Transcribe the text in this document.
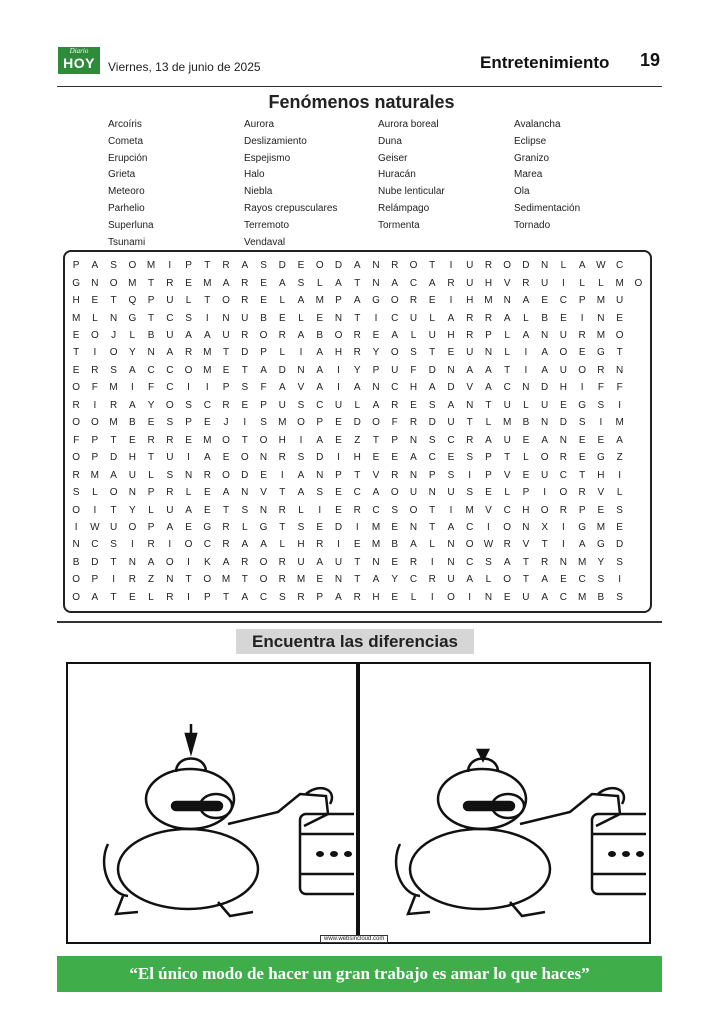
Diario
HOY	Viernes, 13 de junio de 2025	Entretenimiento 19
Fenómenos naturales
Arcoíris
Cometa
Erupción
Grieta
Meteoro
Parhelio
Superluna
Tsunami
Aurora
Deslizamiento
Espejismo
Halo
Niebla
Rayos crepusculares
Terremoto
Vendaval
Aurora boreal
Duna
Geiser
Huracán
Nube lenticular
Relámpago
Tormenta
Avalancha
Eclipse
Granizo
Marea
Ola
Sedimentación
Tornado
P	A	S	O	M	I	P	T	R	A	S	D	E	O	D	A	N	R	O	T	I	U	R	O	D	N	L	A	W C
G	N	O	M	T	R	E	M	A	R	E	A	S	L	A	T	N	A	C	A	R	U	H	V	R	U	I	L	L	M	O
H	E	T	Q	P	U	L	T	O	R	E	L	A	M	P	A	G	O	R	E	I	H	M	N	A	E	C	P	M	U
M	L	N	G	T	C	S	I	N	U	B	E	L	E	N	T	I	C	U	L	A	R	R	A	L	B	E	I	N	E
E	O	J	L	B	U	A	A	U	R	O	R	A	B	O	R	E	A	L	U	H	R	P	L	A	N	U	R	M	O
T	I	O	Y	N	A	R	M	T	D	P	L	I	A	H	R	Y	O	S	T	E	U	N	L	I	A	O	E	G	T
E	R	S	A	C	C	O	M	E	T	A	D	N	A	I	Y	P	U	F	D	N	A	A	T	I	A	U	O	R	N
O	F	M	I	F	C	I	I	P	S	F	A	V	A	I	A	N	C	H	A	D	V	A	C	N	D	H	I	F	F
R	I	R	A	Y	O	S	C	R	E	P	U	S	C	U	L	A	R	E	S	A	N	T	U	L	U	E	G	S	I
O	O	M	B	E	S	P	E	J	I	S	M	O	P	E	D	O	F	R	D	U	T	L	M	B	N	D	S	I	M
F	P	T	E	R	R	E	M	O	T	O	H	I	A	E	Z	T	P	N	S	C	R	A	U	E	A	N	E	E	A
O	P	D	H	T	U	I	A	E	O	N	R	S	D	I	H	E	E	A	C	E	S	P	T	L	O	R	E	G	Z
R	M	A	U	L	S	N	R	O	D	E	I	A	N	P	T	V	R	N	P	S	I	P	V	E	U	C	T	H	I
S	L	O	N	P	R	L	E	A	N	V	T	A	S	E	C	A	O	U	N	U	S	E	L	P	I	O	R	V	L
O	I	T	Y	L	U	A	E	T	S	N	R	L	I	E	R	C	S	O	T	I	M	V	C	H	O	R	P	E	S
I	W U	O	P	A	E	G	R	L	G	T	S	E	D	I	M	E	N	T	A	C	I	O	N	X	I	G	M	E
N	C	S	I	R	I	O	C	R	A	A	L	H	R	I	E	M	B	A	L	N	O W R	V	T	I	A	G	D
B	D	T	N	A	O	I	K	A	R	O	R	U	A	U	T	N	E	R	I	N	C	S	A	T	R	N	M	Y	S
O	P	I	R	Z	N	T	O	M	T	O	R	M	E	N	T	A	Y	C	R	U	A	L	O	T	A	E	C	S	I
O	A	T	E	L	R	I	P	T	A	C	S	R	P	A	R	H	E	L	I	O	I	N	E	U	A	C	M	B	S
Encuentra las diferencias
www.websincloud.com
“El único modo de hacer un gran trabajo es amar lo que haces”
